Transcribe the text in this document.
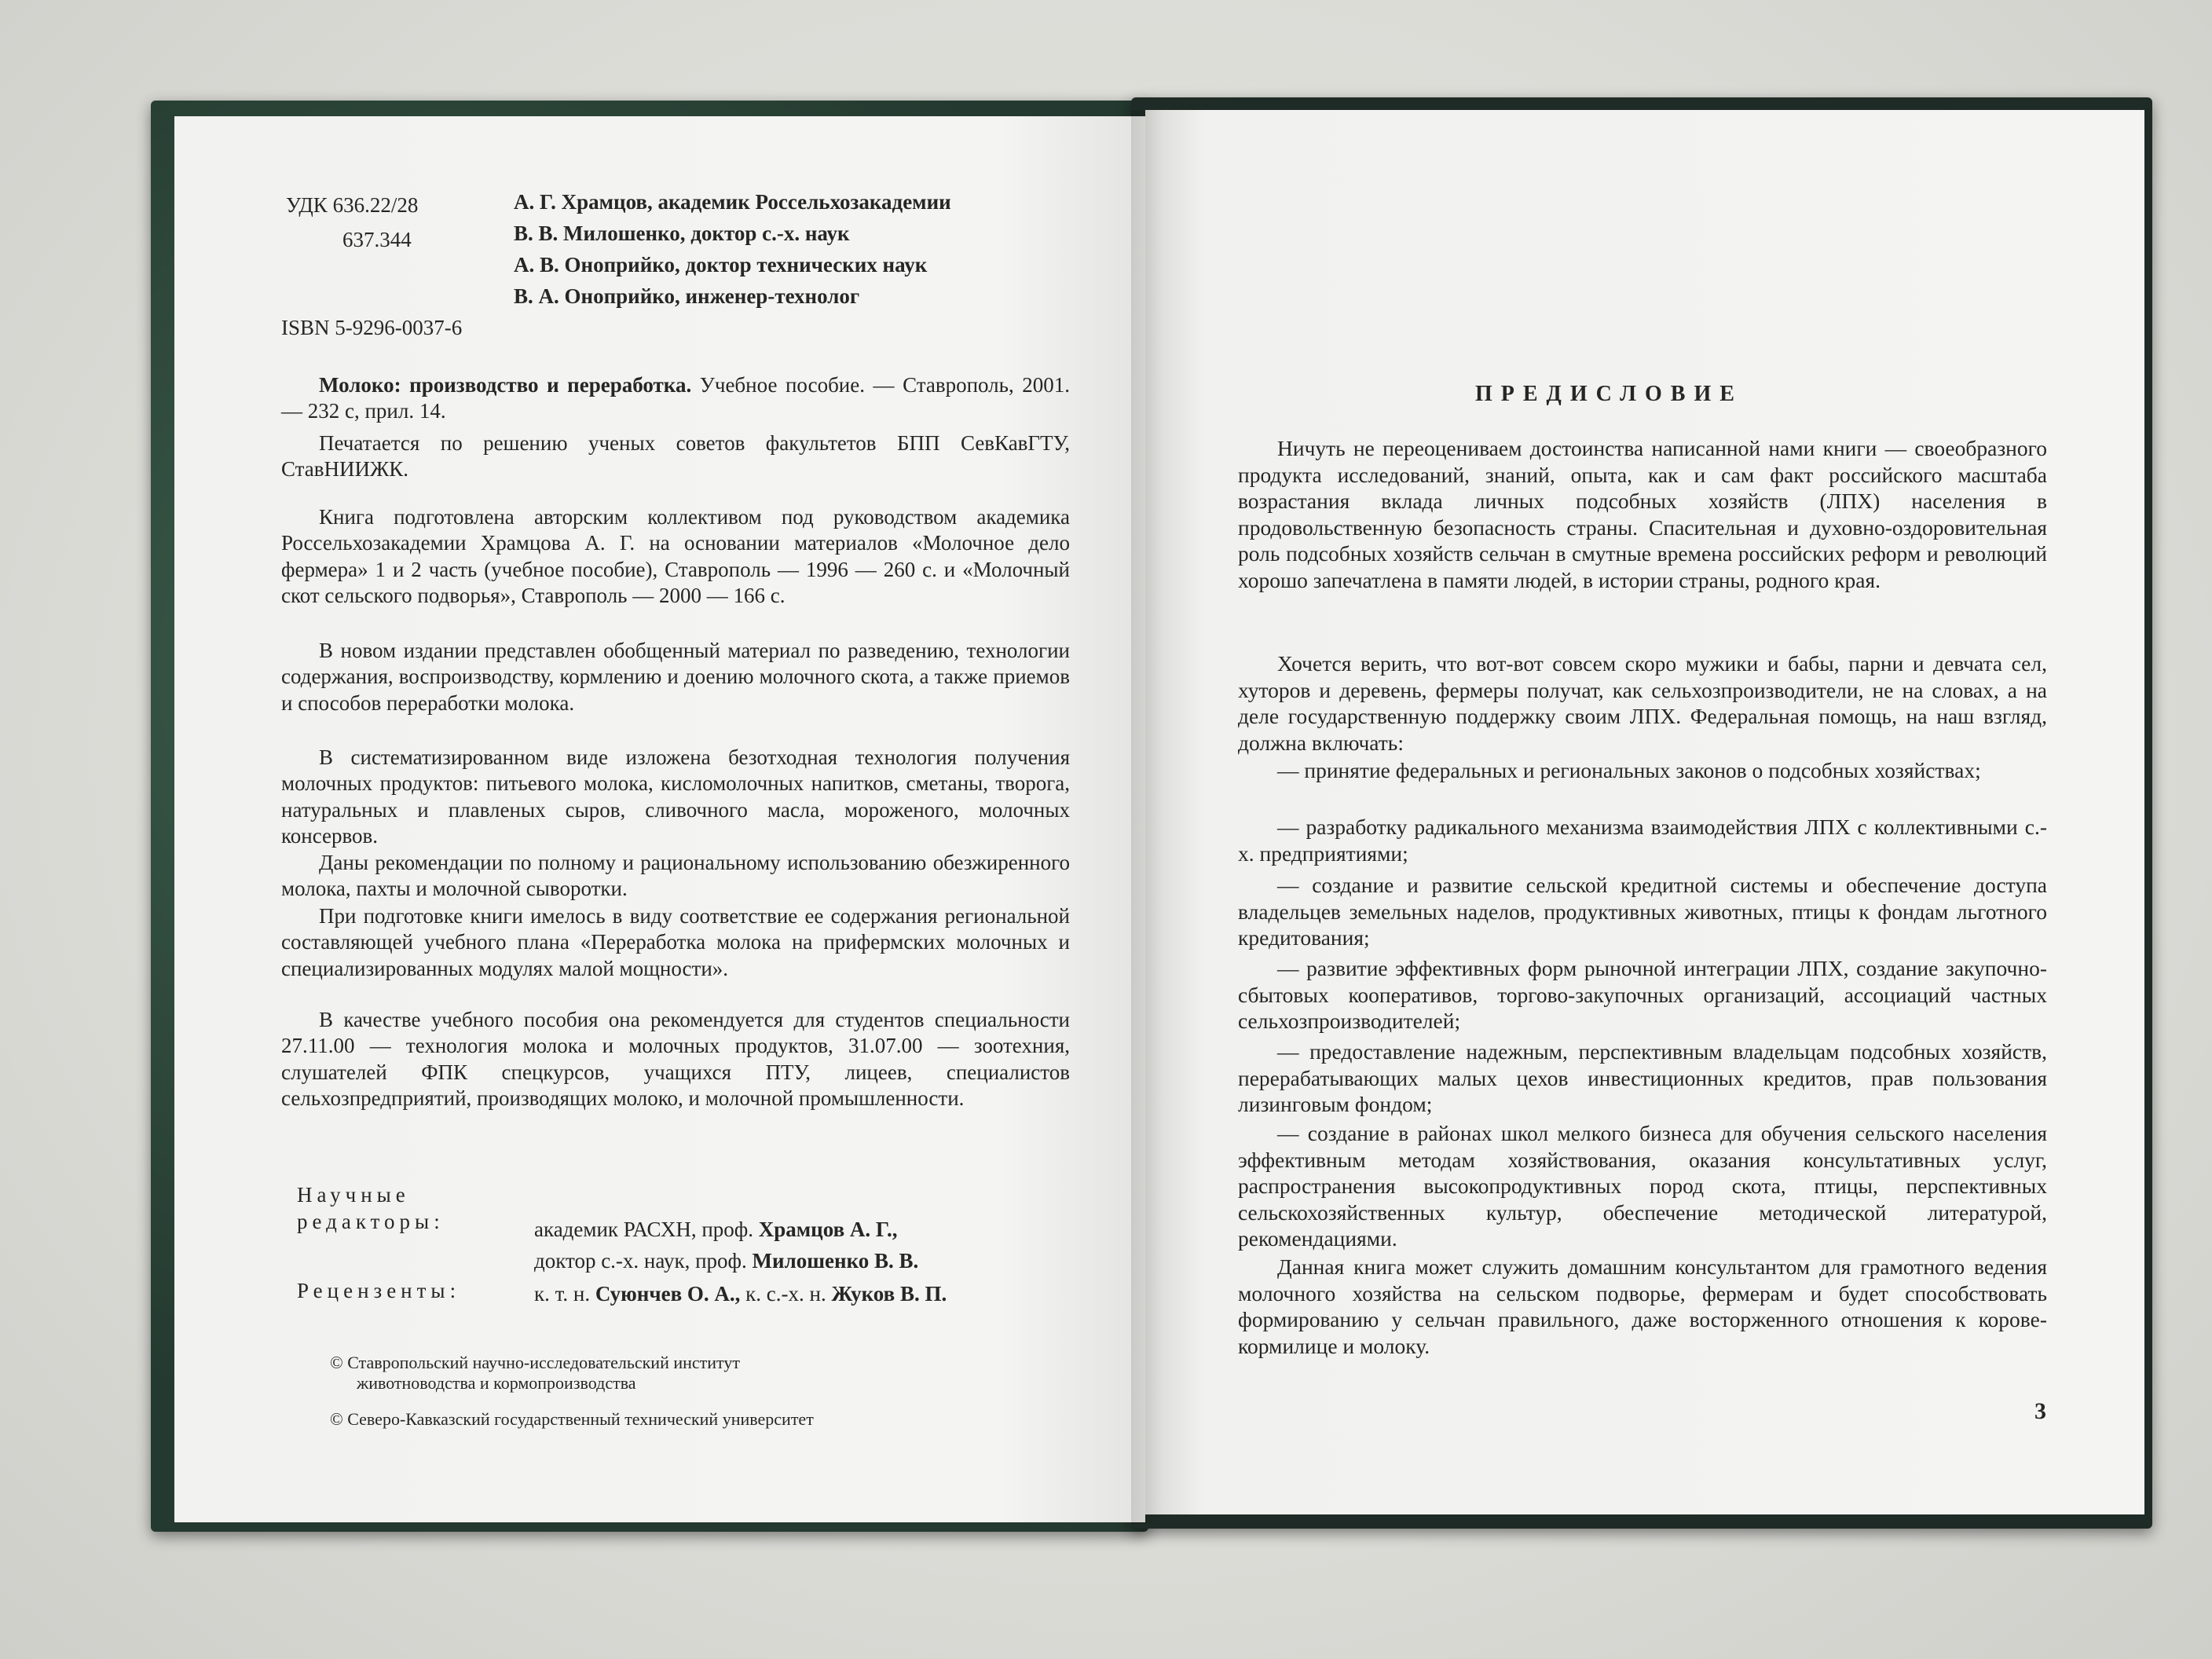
УДК 636.22/28
637.344
А. Г. Храмцов, академик Россельхозакадемии
В. В. Милошенко, доктор с.-х. наук
А. В. Оноприйко, доктор технических наук
В. А. Оноприйко, инженер-технолог
ISBN 5-9296-0037-6
Молоко: производство и переработка. Учебное пособие. — Ставрополь, 2001. — 232 с, прил. 14.
Печатается по решению ученых советов факультетов БПП СевКавГТУ, СтавНИИЖК.
Книга подготовлена авторским коллективом под руководством академика Россельхозакадемии Храмцова А. Г. на основании материалов «Молочное дело фермера» 1 и 2 часть (учебное пособие), Ставрополь — 1996 — 260 с. и «Молочный скот сельского подворья», Ставрополь — 2000 — 166 с.
В новом издании представлен обобщенный материал по разведению, технологии содержания, воспроизводству, кормлению и доению молочного скота, а также приемов и способов переработки молока.
В систематизированном виде изложена безотходная технология получения молочных продуктов: питьевого молока, кисломолочных напитков, сметаны, творога, натуральных и плавленых сыров, сливочного масла, мороженого, молочных консервов.
Даны рекомендации по полному и рациональному использованию обезжиренного молока, пахты и молочной сыворотки.
При подготовке книги имелось в виду соответствие ее содержания региональной составляющей учебного плана «Переработка молока на прифермских молочных и специализированных модулях малой мощности».
В качестве учебного пособия она рекомендуется для студентов специальности 27.11.00 — технология молока и молочных продуктов, 31.07.00 — зоотехния, слушателей ФПК спецкурсов, учащихся ПТУ, лицеев, специалистов сельхозпредприятий, производящих молоко, и молочной промышленности.
Научные
редакторы:	академик РАСХН, проф. Храмцов А. Г.,
доктор с.-х. наук, проф. Милошенко В. В.
Рецензенты:	к. т. н. Суюнчев О. А., к. с.-х. н. Жуков В. П.
© Ставропольский научно-исследовательский институт
животноводства и кормопроизводства
© Северо-Кавказский государственный технический университет
ПРЕДИСЛОВИЕ
Ничуть не переоцениваем достоинства написанной нами книги — своеобразного продукта исследований, знаний, опыта, как и сам факт российского масштаба возрастания вклада личных подсобных хозяйств (ЛПХ) населения в продовольственную безопасность страны. Спасительная и духовно-оздоровительная роль подсобных хозяйств сельчан в смутные времена российских реформ и революций хорошо запечатлена в памяти людей, в истории страны, родного края.
Хочется верить, что вот-вот совсем скоро мужики и бабы, парни и девчата сел, хуторов и деревень, фермеры получат, как сельхозпроизводители, не на словах, а на деле государственную поддержку своим ЛПХ. Федеральная помощь, на наш взгляд, должна включать:
— принятие федеральных и региональных законов о подсобных хозяйствах;
— разработку радикального механизма взаимодействия ЛПХ с коллективными с.-х. предприятиями;
— создание и развитие сельской кредитной системы и обеспечение доступа владельцев земельных наделов, продуктивных животных, птицы к фондам льготного кредитования;
— развитие эффективных форм рыночной интеграции ЛПХ, создание закупочно-сбытовых кооперативов, торгово-закупочных организаций, ассоциаций частных сельхозпроизводителей;
— предоставление надежным, перспективным владельцам подсобных хозяйств, перерабатывающих малых цехов инвестиционных кредитов, прав пользования лизинговым фондом;
— создание в районах школ мелкого бизнеса для обучения сельского населения эффективным методам хозяйствования, оказания консультативных услуг, распространения высокопродуктивных пород скота, птицы, перспективных сельскохозяйственных культур, обеспечение методической литературой, рекомендациями.
Данная книга может служить домашним консультантом для грамотного ведения молочного хозяйства на сельском подворье, фермерам и будет способствовать формированию у сельчан правильного, даже восторженного отношения к корове-кормилице и молоку.
3
